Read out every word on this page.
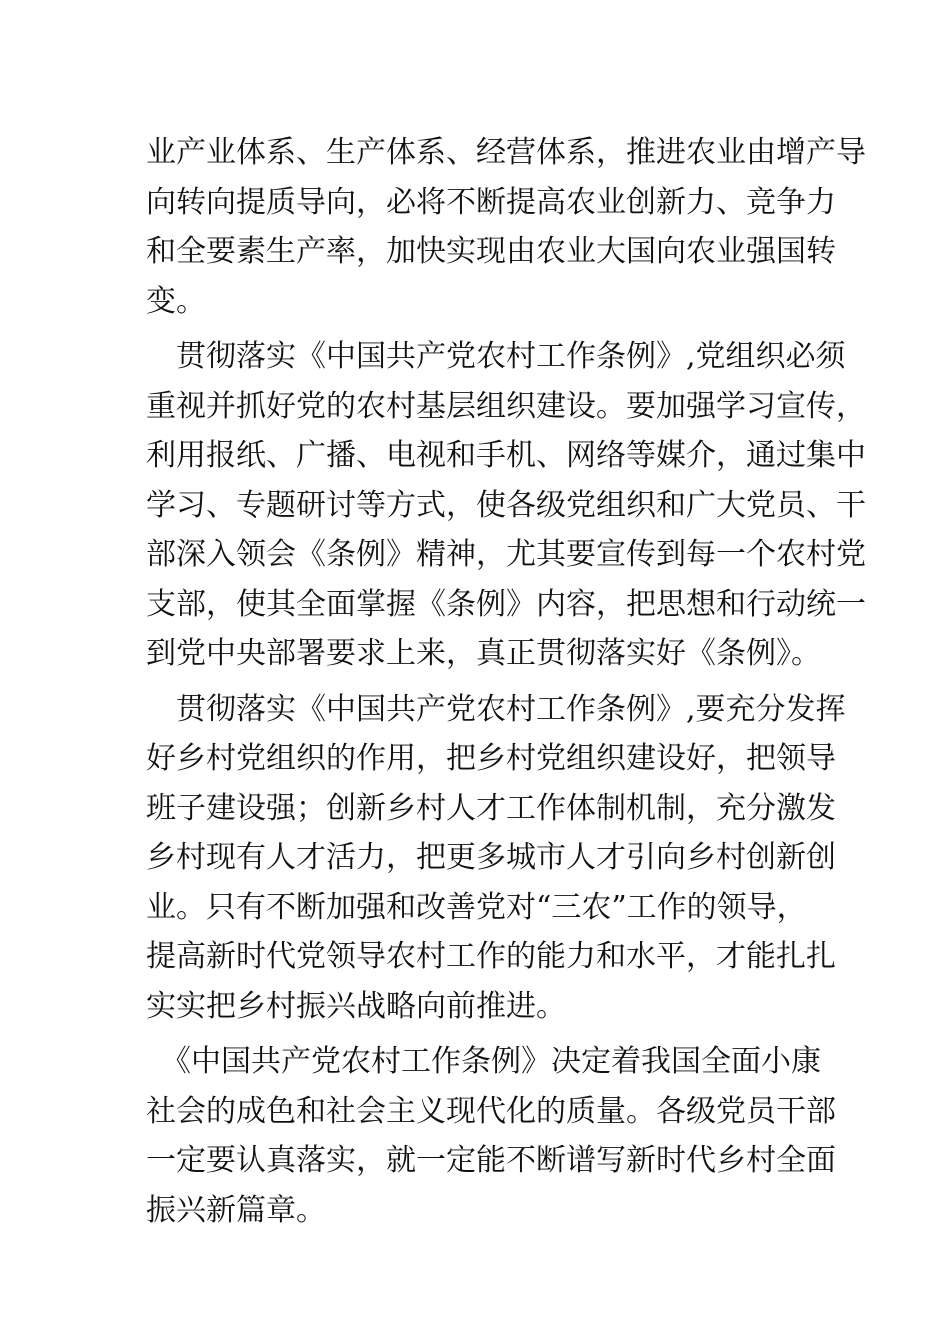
业产业体系、生产体系、经营体系，推进农业由增产导
向转向提质导向，必将不断提高农业创新力、竞争力
和全要素生产率，加快实现由农业大国向农业强国转
变。
　贯彻落实《中国共产党农村工作条例》,党组织必须
重视并抓好党的农村基层组织建设。要加强学习宣传，
利用报纸、广播、电视和手机、网络等媒介，通过集中
学习、专题研讨等方式，使各级党组织和广大党员、干
部深入领会《条例》精神，尤其要宣传到每一个农村党
支部，使其全面掌握《条例》内容，把思想和行动统一
到党中央部署要求上来，真正贯彻落实好《条例》。
　贯彻落实《中国共产党农村工作条例》,要充分发挥
好乡村党组织的作用，把乡村党组织建设好，把领导
班子建设强；创新乡村人才工作体制机制，充分激发
乡村现有人才活力，把更多城市人才引向乡村创新创
业。只有不断加强和改善党对“三农”工作的领导，
提高新时代党领导农村工作的能力和水平，才能扎扎
实实把乡村振兴战略向前推进。
　《中国共产党农村工作条例》决定着我国全面小康
社会的成色和社会主义现代化的质量。各级党员干部
一定要认真落实，就一定能不断谱写新时代乡村全面
振兴新篇章。
